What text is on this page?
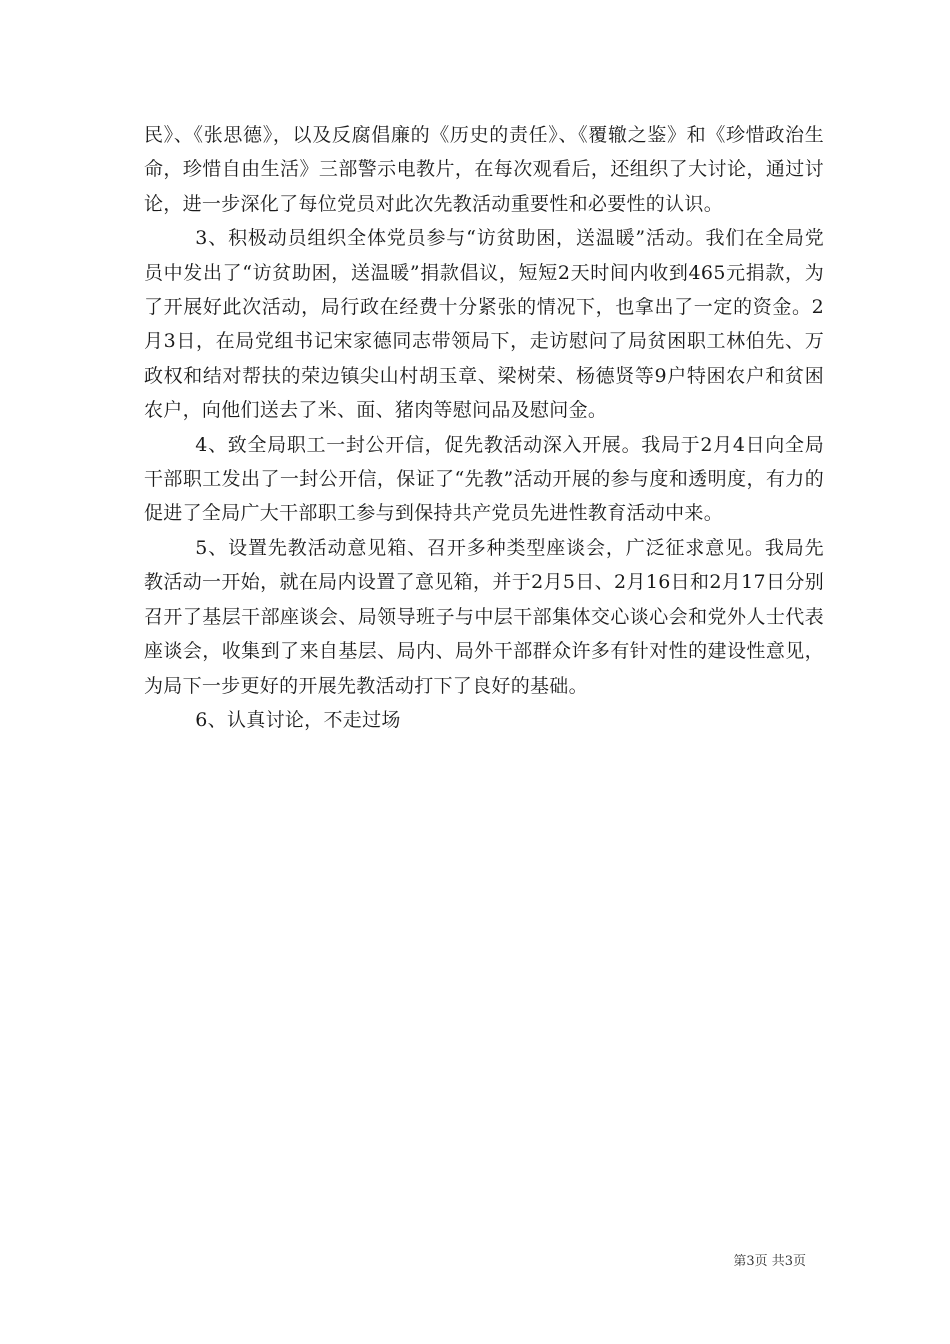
民》、《张思德》，以及反腐倡廉的《历史的责任》、《覆辙之鉴》和《珍惜政治生命，珍惜自由生活》三部警示电教片，在每次观看后，还组织了大讨论，通过讨论，进一步深化了每位党员对此次先教活动重要性和必要性的认识。

3、积极动员组织全体党员参与“访贫助困，送温暖”活动。我们在全局党员中发出了“访贫助困，送温暖”捐款倡议，短短2天时间内收到465元捐款，为了开展好此次活动，局行政在经费十分紧张的情况下，也拿出了一定的资金。2月3日，在局党组书记宋家德同志带领局下，走访慰问了局贫困职工林伯先、万政权和结对帮扶的荣边镇尖山村胡玉章、梁树荣、杨德贤等9户特困农户和贫困农户，向他们送去了米、面、猪肉等慰问品及慰问金。

4、致全局职工一封公开信，促先教活动深入开展。我局于2月4日向全局干部职工发出了一封公开信，保证了“先教”活动开展的参与度和透明度，有力的促进了全局广大干部职工参与到保持共产党员先进性教育活动中来。

5、设置先教活动意见箱、召开多种类型座谈会，广泛征求意见。我局先教活动一开始，就在局内设置了意见箱，并于2月5日、2月16日和2月17日分别召开了基层干部座谈会、局领导班子与中层干部集体交心谈心会和党外人士代表座谈会，收集到了来自基层、局内、局外干部群众许多有针对性的建设性意见，为局下一步更好的开展先教活动打下了良好的基础。

6、认真讨论，不走过场

第3页 共3页
